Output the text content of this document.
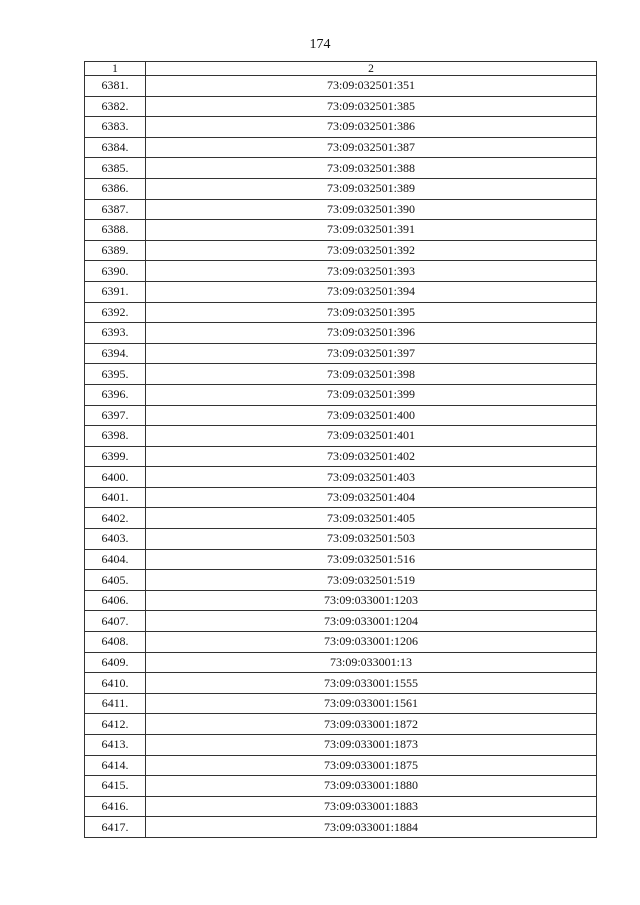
174
1	2
6381.	73:09:032501:351
6382.	73:09:032501:385
6383.	73:09:032501:386
6384.	73:09:032501:387
6385.	73:09:032501:388
6386.	73:09:032501:389
6387.	73:09:032501:390
6388.	73:09:032501:391
6389.	73:09:032501:392
6390.	73:09:032501:393
6391.	73:09:032501:394
6392.	73:09:032501:395
6393.	73:09:032501:396
6394.	73:09:032501:397
6395.	73:09:032501:398
6396.	73:09:032501:399
6397.	73:09:032501:400
6398.	73:09:032501:401
6399.	73:09:032501:402
6400.	73:09:032501:403
6401.	73:09:032501:404
6402.	73:09:032501:405
6403.	73:09:032501:503
6404.	73:09:032501:516
6405.	73:09:032501:519
6406.	73:09:033001:1203
6407.	73:09:033001:1204
6408.	73:09:033001:1206
6409.	73:09:033001:13
6410.	73:09:033001:1555
6411.	73:09:033001:1561
6412.	73:09:033001:1872
6413.	73:09:033001:1873
6414.	73:09:033001:1875
6415.	73:09:033001:1880
6416.	73:09:033001:1883
6417.	73:09:033001:1884
